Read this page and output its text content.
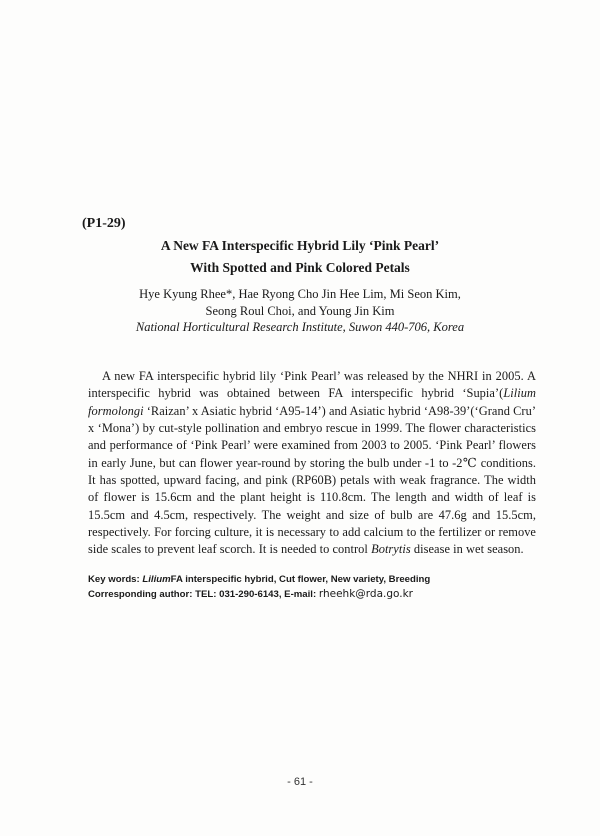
(P1-29)
A New FA Interspecific Hybrid Lily ‘Pink Pearl’
With Spotted and Pink Colored Petals
Hye Kyung Rhee*, Hae Ryong Cho Jin Hee Lim, Mi Seon Kim,
Seong Roul Choi, and Young Jin Kim
National Horticultural Research Institute, Suwon 440-706, Korea

A new FA interspecific hybrid lily ‘Pink Pearl’ was released by the NHRI in 2005. A interspecific hybrid was obtained between FA interspecific hybrid ‘Supia’(Lilium formolongi ‘Raizan’ x Asiatic hybrid ‘A95-14’) and Asiatic hybrid ‘A98-39’(‘Grand Cru’ x ‘Mona’) by cut-style pollination and embryo rescue in 1999. The flower characteristics and performance of ‘Pink Pearl’ were examined from 2003 to 2005. ‘Pink Pearl’ flowers in early June, but can flower year-round by storing the bulb under -1 to -2℃ conditions. It has spotted, upward facing, and pink (RP60B) petals with weak fragrance. The width of flower is 15.6cm and the plant height is 110.8cm. The length and width of leaf is 15.5cm and 4.5cm, respectively. The weight and size of bulb are 47.6g and 15.5cm, respectively. For forcing culture, it is necessary to add calcium to the fertilizer or remove side scales to prevent leaf scorch. It is needed to control Botrytis disease in wet season.

Key words: LiliumFA interspecific hybrid, Cut flower, New variety, Breeding
Corresponding author: TEL: 031-290-6143, E-mail: rheehk@rda.go.kr
- 61 -
